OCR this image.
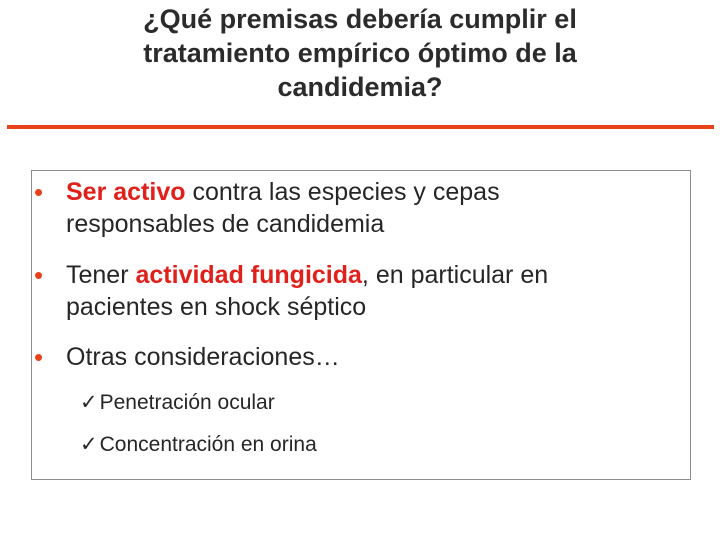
¿Qué premisas debería cumplir el
tratamiento empírico óptimo de la
candidemia?
• Ser activo contra las especies y cepas
responsables de candidemia
• Tener actividad fungicida, en particular en
pacientes en shock séptico
• Otras consideraciones…
✓Penetración ocular
✓Concentración en orina
